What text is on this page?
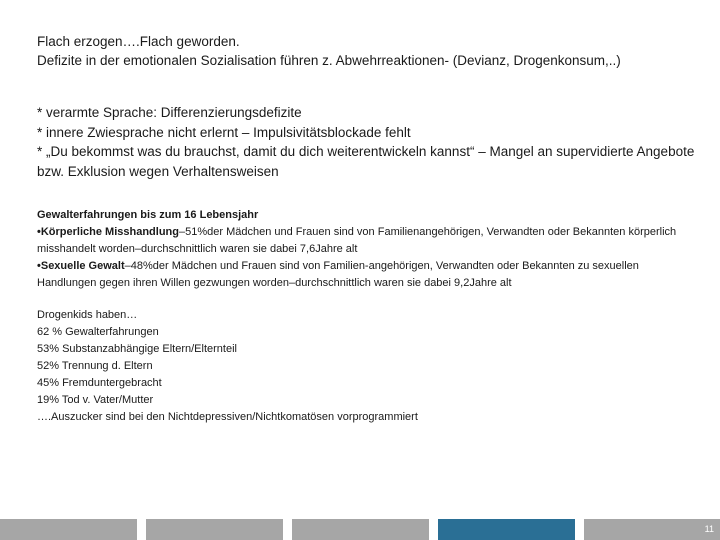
Flach erzogen….Flach geworden.
Defizite in der emotionalen Sozialisation führen z. Abwehrreaktionen- (Devianz, Drogenkonsum,..)
* verarmte Sprache: Differenzierungsdefizite
* innere Zwiesprache nicht erlernt – Impulsivitätsblockade fehlt
* „Du bekommst was du brauchst, damit du dich weiterentwickeln kannst“ – Mangel an supervidierte Angebote bzw. Exklusion wegen Verhaltensweisen
Gewalterfahrungen bis zum 16 Lebensjahr
•Körperliche Misshandlung–51%der Mädchen und Frauen sind von Familienangehörigen, Verwandten oder Bekannten körperlich misshandelt worden–durchschnittlich waren sie dabei 7,6Jahre alt
•Sexuelle Gewalt–48%der Mädchen und Frauen sind von Familien-angehörigen, Verwandten oder Bekannten zu sexuellen Handlungen gegen ihren Willen gezwungen worden–durchschnittlich waren sie dabei 9,2Jahre alt
Drogenkids haben…
62 % Gewalterfahrungen
53% Substanzabhängige Eltern/Elternteil
52% Trennung d. Eltern
45% Fremduntergebracht
19% Tod v. Vater/Mutter
….Auszucker sind bei den Nichtdepressiven/Nichtkomatösen vorprogrammiert
11
